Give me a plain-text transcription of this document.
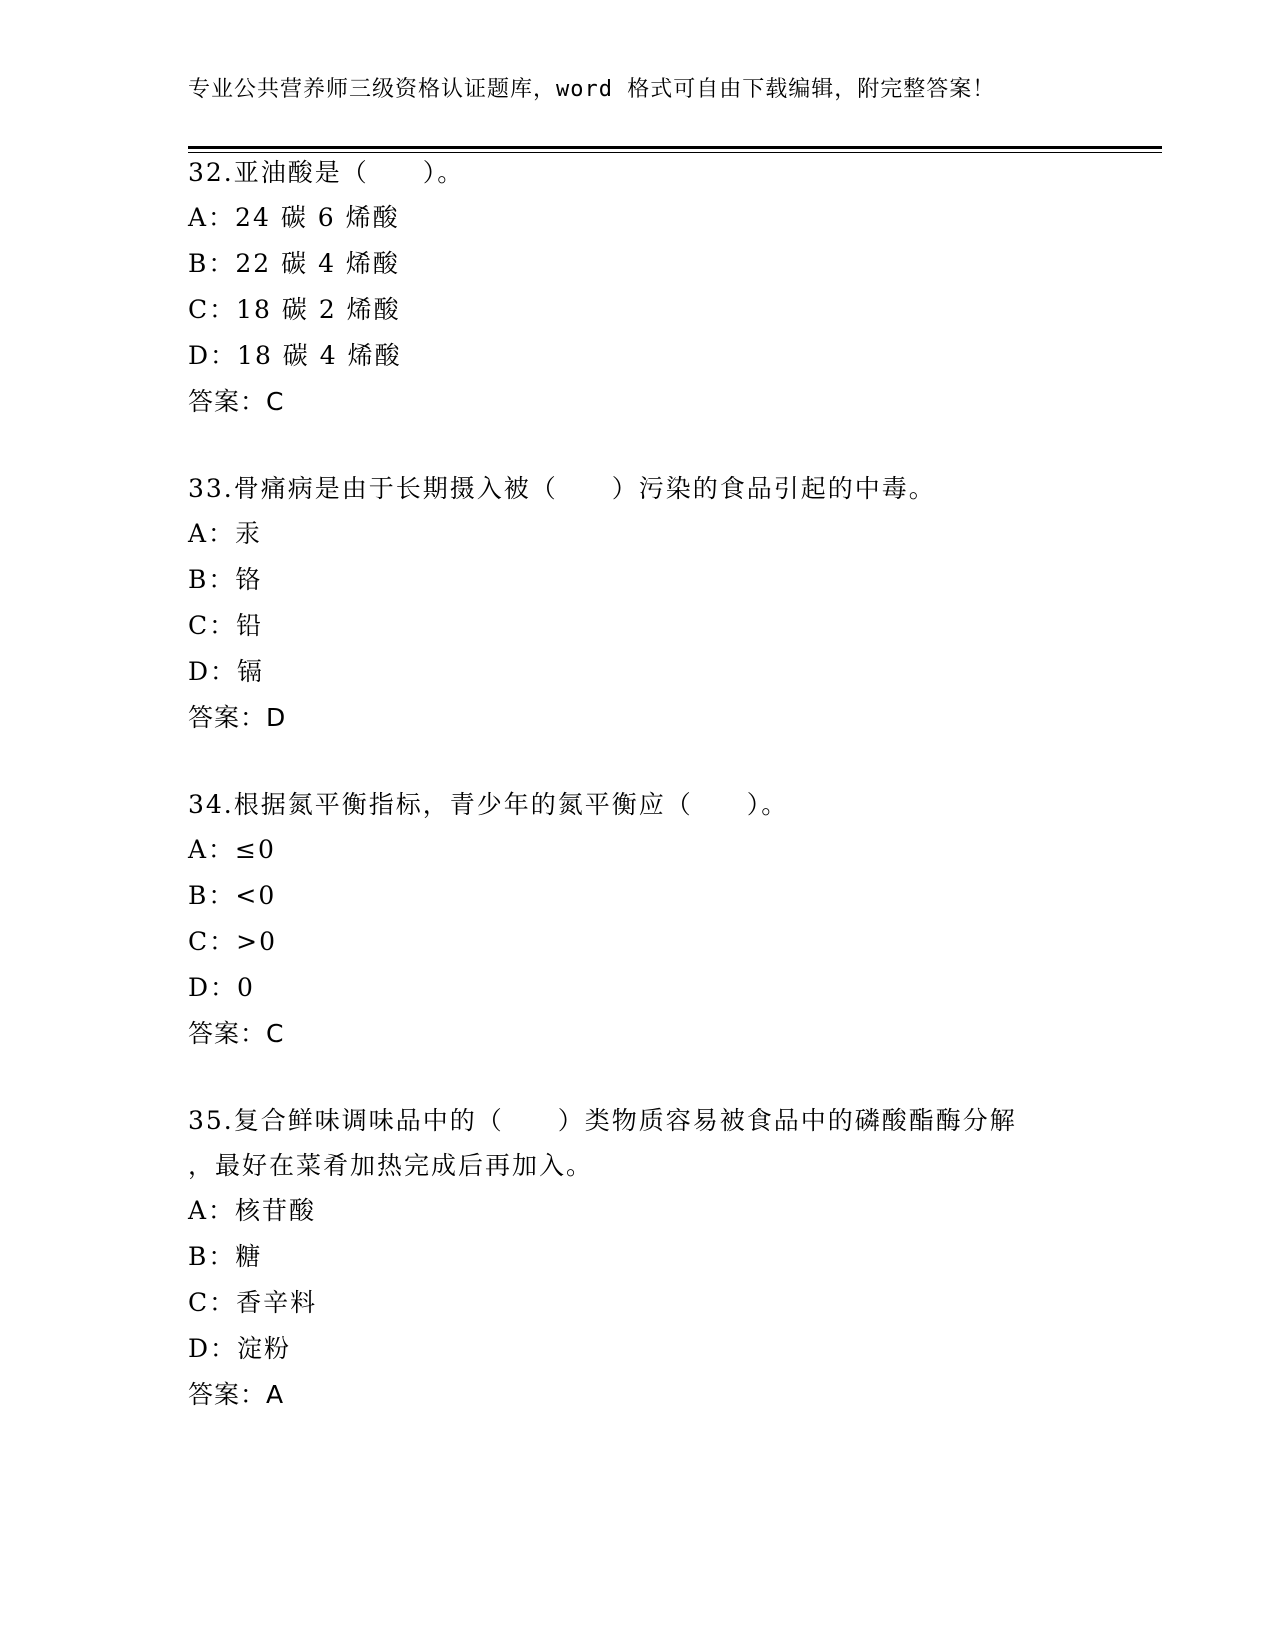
专业公共营养师三级资格认证题库，word 格式可自由下载编辑，附完整答案！
32.亚油酸是（　　）。
A：24 碳 6 烯酸
B：22 碳 4 烯酸
C：18 碳 2 烯酸
D：18 碳 4 烯酸
答案：C
33.骨痛病是由于长期摄入被（　　）污染的食品引起的中毒。
A：汞
B：铬
C：铅
D：镉
答案：D
34.根据氮平衡指标，青少年的氮平衡应（　　）。
A：≤0
B：<0
C：>0
D：0
答案：C
35.复合鲜味调味品中的（　　）类物质容易被食品中的磷酸酯酶分解
，最好在菜肴加热完成后再加入。
A：核苷酸
B：糖
C：香辛料
D：淀粉
答案：A
